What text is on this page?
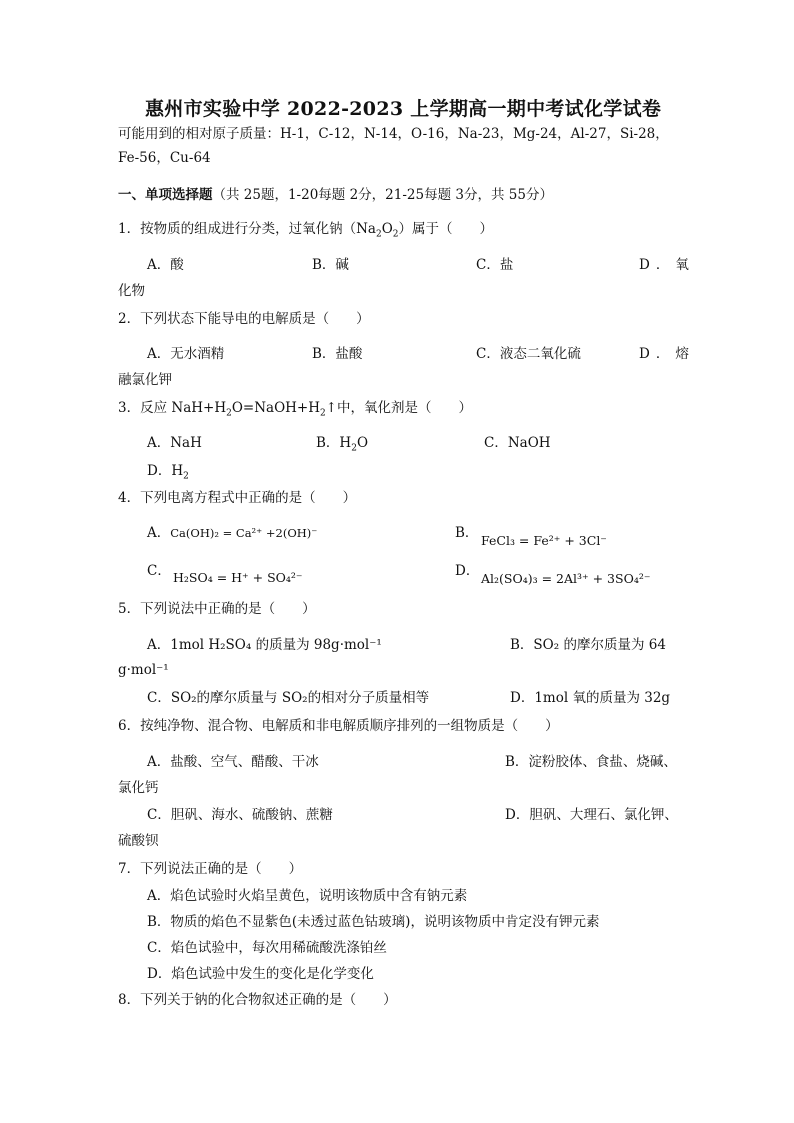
惠州市实验中学 2022-2023 上学期高一期中考试化学试卷
可能用到的相对原子质量：H-1，C-12，N-14，O-16，Na-23，Mg-24，Al-27，Si-28，
Fe-56，Cu-64
一、单项选择题（共 25题，1-20每题 2分，21-25每题 3分，共 55分）
1．按物质的组成进行分类，过氧化钠$(Na_2O_2)$属于（　　）
A．酸	B．碱	C．盐	D．氧
化物
2．下列状态下能导电的电解质是（　　）
A．无水酒精	B．盐酸	C．液态二氧化硫	D．熔
融氯化钾
3．反应 $NaH+H_2O=NaOH+H_2↑$中，氧化剂是（　　）
A．NaH	B．$H_2O$	C．NaOH
D．$H_2$
4．下列电离方程式中正确的是（　　）
A．Ca(OH)₂ = Ca²⁺ +2(OH)⁻	B． FeCl₃ = Fe²⁺ + 3Cl⁻
C． H₂SO₄ = H⁺ + SO₄²⁻	D． Al₂(SO₄)₃ = 2Al³⁺ + 3SO₄²⁻
5．下列说法中正确的是（　　）
A．1mol H₂SO₄ 的质量为 98g·mol⁻¹	B．SO₂ 的摩尔质量为 64
g·mol⁻¹
C．SO₂的摩尔质量与 SO₂的相对分子质量相等	D．1mol 氧的质量为 32g
6．按纯净物、混合物、电解质和非电解质顺序排列的一组物质是（　　）
A．盐酸、空气、醋酸、干冰	B．淀粉胶体、食盐、烧碱、
氯化钙
C．胆矾、海水、硫酸钠、蔗糖	D．胆矾、大理石、氯化钾、
硫酸钡
7．下列说法正确的是（　　）
A．焰色试验时火焰呈黄色，说明该物质中含有钠元素
B．物质的焰色不显紫色(未透过蓝色钴玻璃)，说明该物质中肯定没有钾元素
C．焰色试验中，每次用稀硫酸洗涤铂丝
D．焰色试验中发生的变化是化学变化
8．下列关于钠的化合物叙述正确的是（　　）
